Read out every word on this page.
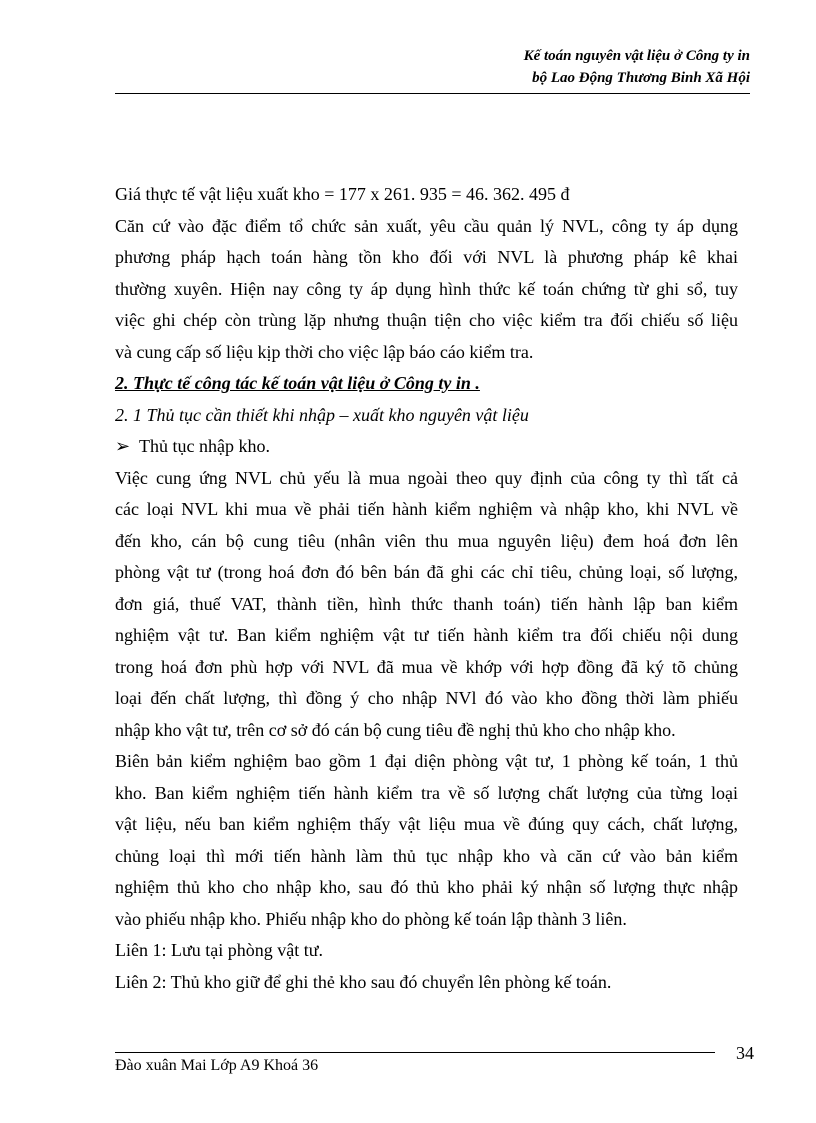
Kế toán nguyên vật liệu ở Công ty in
bộ Lao Động Thương Binh Xã Hội
Giá thực tế vật liệu xuất kho = 177 x 261. 935 = 46. 362. 495 đ
Căn cứ vào đặc điểm tổ chức sản xuất, yêu cầu quản lý NVL, công ty áp dụng
phương pháp hạch toán hàng tồn kho đối với NVL là phương pháp kê khai
thường xuyên. Hiện nay công ty áp dụng hình thức kế toán chứng từ ghi sổ, tuy
việc ghi chép còn trùng lặp nhưng thuận tiện cho việc kiểm tra đối chiếu số liệu
và cung cấp số liệu kịp thời cho việc lập báo cáo kiểm tra.
2. Thực tế công tác kế toán vật liệu ở Công ty in .
2. 1 Thủ tục cần thiết khi nhập – xuất kho nguyên vật liệu
➢ Thủ tục nhập kho.
Việc cung ứng NVL chủ yếu là mua ngoài theo quy định của công ty thì tất cả
các loại NVL khi mua về phải tiến hành kiểm nghiệm và nhập kho, khi NVL về
đến kho, cán bộ cung tiêu (nhân viên thu mua nguyên liệu) đem hoá đơn lên
phòng vật tư (trong hoá đơn đó bên bán đã ghi các chỉ tiêu, chủng loại, số lượng,
đơn giá, thuế VAT, thành tiền, hình thức thanh toán) tiến hành lập ban kiểm
nghiệm vật tư. Ban kiểm nghiệm vật tư tiến hành kiểm tra đối chiếu nội dung
trong hoá đơn phù hợp với NVL đã mua về khớp với hợp đồng đã ký tõ chủng
loại đến chất lượng, thì đồng ý cho nhập NVl đó vào kho đồng thời làm phiếu
nhập kho vật tư, trên cơ sở đó cán bộ cung tiêu đề nghị thủ kho cho nhập kho.
Biên bản kiểm nghiệm bao gồm 1 đại diện phòng vật tư, 1 phòng kế toán, 1 thủ
kho. Ban kiểm nghiệm tiến hành kiểm tra về số lượng chất lượng của từng loại
vật liệu, nếu ban kiểm nghiệm thấy vật liệu mua về đúng quy cách, chất lượng,
chủng loại thì mới tiến hành làm thủ tục nhập kho và căn cứ vào bản kiểm
nghiệm thủ kho cho nhập kho, sau đó thủ kho phải ký nhận số lượng thực nhập
vào phiếu nhập kho. Phiếu nhập kho do phòng kế toán lập thành 3 liên.
Liên 1: Lưu tại phòng vật tư.
Liên 2: Thủ kho giữ để ghi thẻ kho sau đó chuyển lên phòng kế toán.
Đào xuân Mai Lớp A9 Khoá 36
34
